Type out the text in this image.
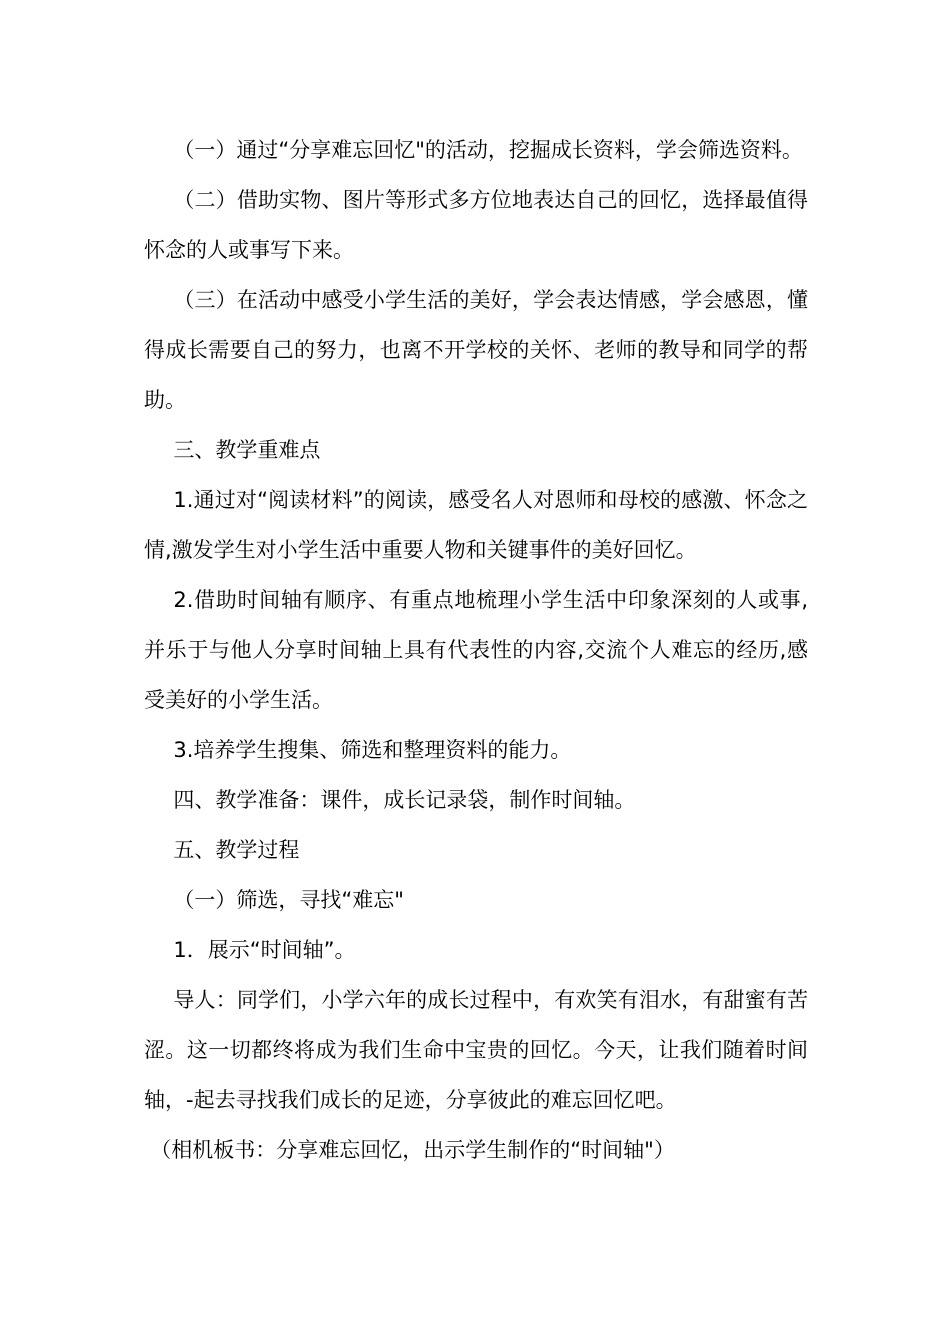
（一）通过“分享难忘回忆"的活动，挖掘成长资料，学会筛选资料。

（二）借助实物、图片等形式多方位地表达自己的回忆，选择最值得怀念的人或事写下来。

（三）在活动中感受小学生活的美好，学会表达情感，学会感恩，懂得成长需要自己的努力，也离不开学校的关怀、老师的教导和同学的帮助。

三、教学重难点

1.通过对“阅读材料”的阅读，感受名人对恩师和母校的感激、怀念之情,激发学生对小学生活中重要人物和关键事件的美好回忆。

2.借助时间轴有顺序、有重点地梳理小学生活中印象深刻的人或事,并乐于与他人分享时间轴上具有代表性的内容,交流个人难忘的经历,感受美好的小学生活。

3.培养学生搜集、筛选和整理资料的能力。

四、教学准备：课件，成长记录袋，制作时间轴。

五、教学过程

（一）筛选，寻找“难忘"

1．展示“时间轴”。

导人：同学们，小学六年的成长过程中，有欢笑有泪水，有甜蜜有苦涩。这一切都终将成为我们生命中宝贵的回忆。今天，让我们随着时间轴，-起去寻找我们成长的足迹，分享彼此的难忘回忆吧。

（相机板书：分享难忘回忆，出示学生制作的“时间轴"）
